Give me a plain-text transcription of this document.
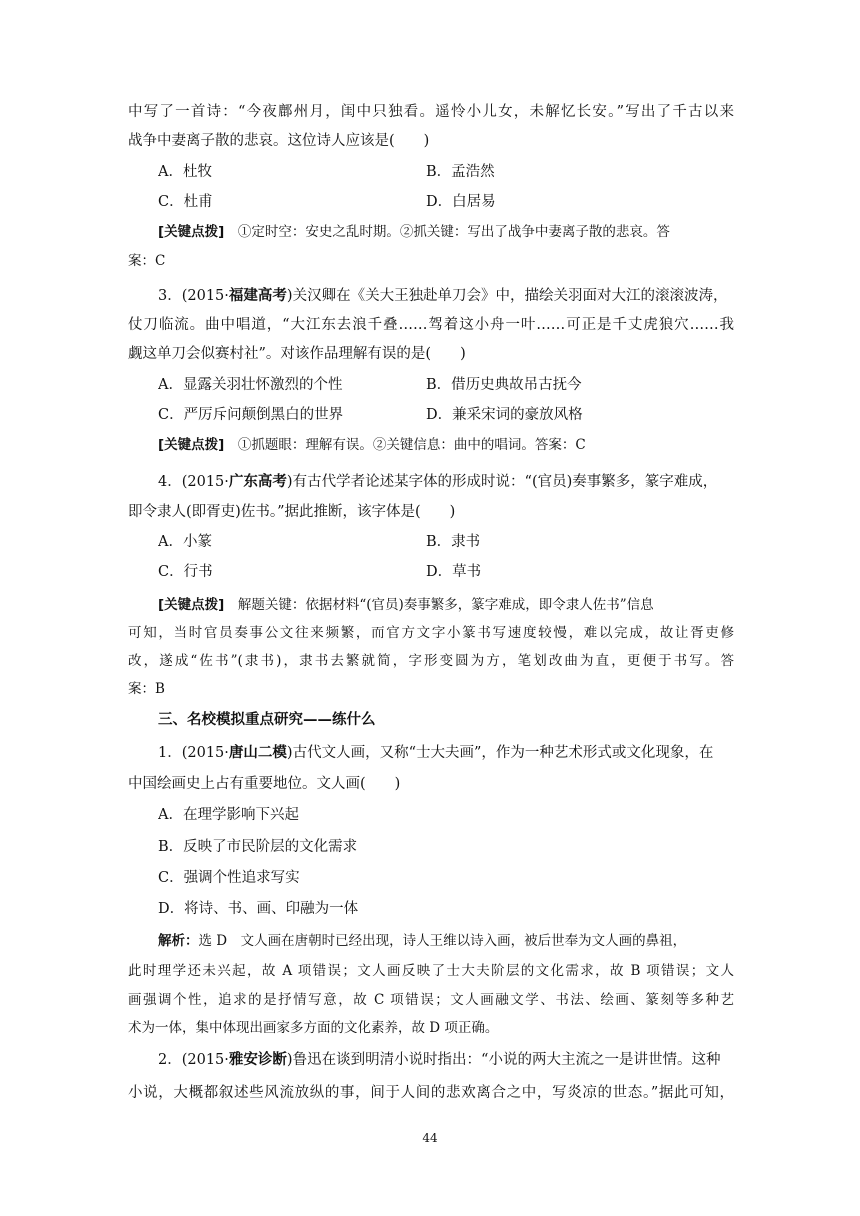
中写了一首诗：“今夜鄜州月，闺中只独看。遥怜小儿女，未解忆长安。”写出了千古以来
战争中妻离子散的悲哀。这位诗人应该是(　　)
A．杜牧	B．孟浩然
C．杜甫	D．白居易
[关键点拨]　①定时空：安史之乱时期。②抓关键：写出了战争中妻离子散的悲哀。答
案：C
3．(2015·福建高考)关汉卿在《关大王独赴单刀会》中，描绘关羽面对大江的滚滚波涛，
仗刀临流。曲中唱道，“大江东去浪千叠……驾着这小舟一叶……可正是千丈虎狼穴……我
觑这单刀会似赛村社”。对该作品理解有误的是(　　)
A．显露关羽壮怀激烈的个性	B．借历史典故吊古抚今
C．严厉斥问颠倒黑白的世界	D．兼采宋词的豪放风格
[关键点拨]　①抓题眼：理解有误。②关键信息：曲中的唱词。答案：C
4．(2015·广东高考)有古代学者论述某字体的形成时说：“(官员)奏事繁多，篆字难成，
即令隶人(即胥吏)佐书。”据此推断，该字体是(　　)
A．小篆	B．隶书
C．行书	D．草书
[关键点拨]　解题关键：依据材料“(官员)奏事繁多，篆字难成，即令隶人佐书”信息
可知，当时官员奏事公文往来频繁，而官方文字小篆书写速度较慢，难以完成，故让胥吏修
改，遂成“佐书”(隶书)，隶书去繁就简，字形变圆为方，笔划改曲为直，更便于书写。答
案：B
三、名校模拟重点研究——练什么
1．(2015·唐山二模)古代文人画，又称“士大夫画”，作为一种艺术形式或文化现象，在
中国绘画史上占有重要地位。文人画(　　)
A．在理学影响下兴起
B．反映了市民阶层的文化需求
C．强调个性追求写实
D．将诗、书、画、印融为一体
解析：选 D　文人画在唐朝时已经出现，诗人王维以诗入画，被后世奉为文人画的鼻祖，
此时理学还未兴起，故 A 项错误；文人画反映了士大夫阶层的文化需求，故 B 项错误；文人
画强调个性，追求的是抒情写意，故 C 项错误；文人画融文学、书法、绘画、篆刻等多种艺
术为一体，集中体现出画家多方面的文化素养，故 D 项正确。
2．(2015·雅安诊断)鲁迅在谈到明清小说时指出：“小说的两大主流之一是讲世情。这种
小说，大概都叙述些风流放纵的事，间于人间的悲欢离合之中，写炎凉的世态。”据此可知，
44
